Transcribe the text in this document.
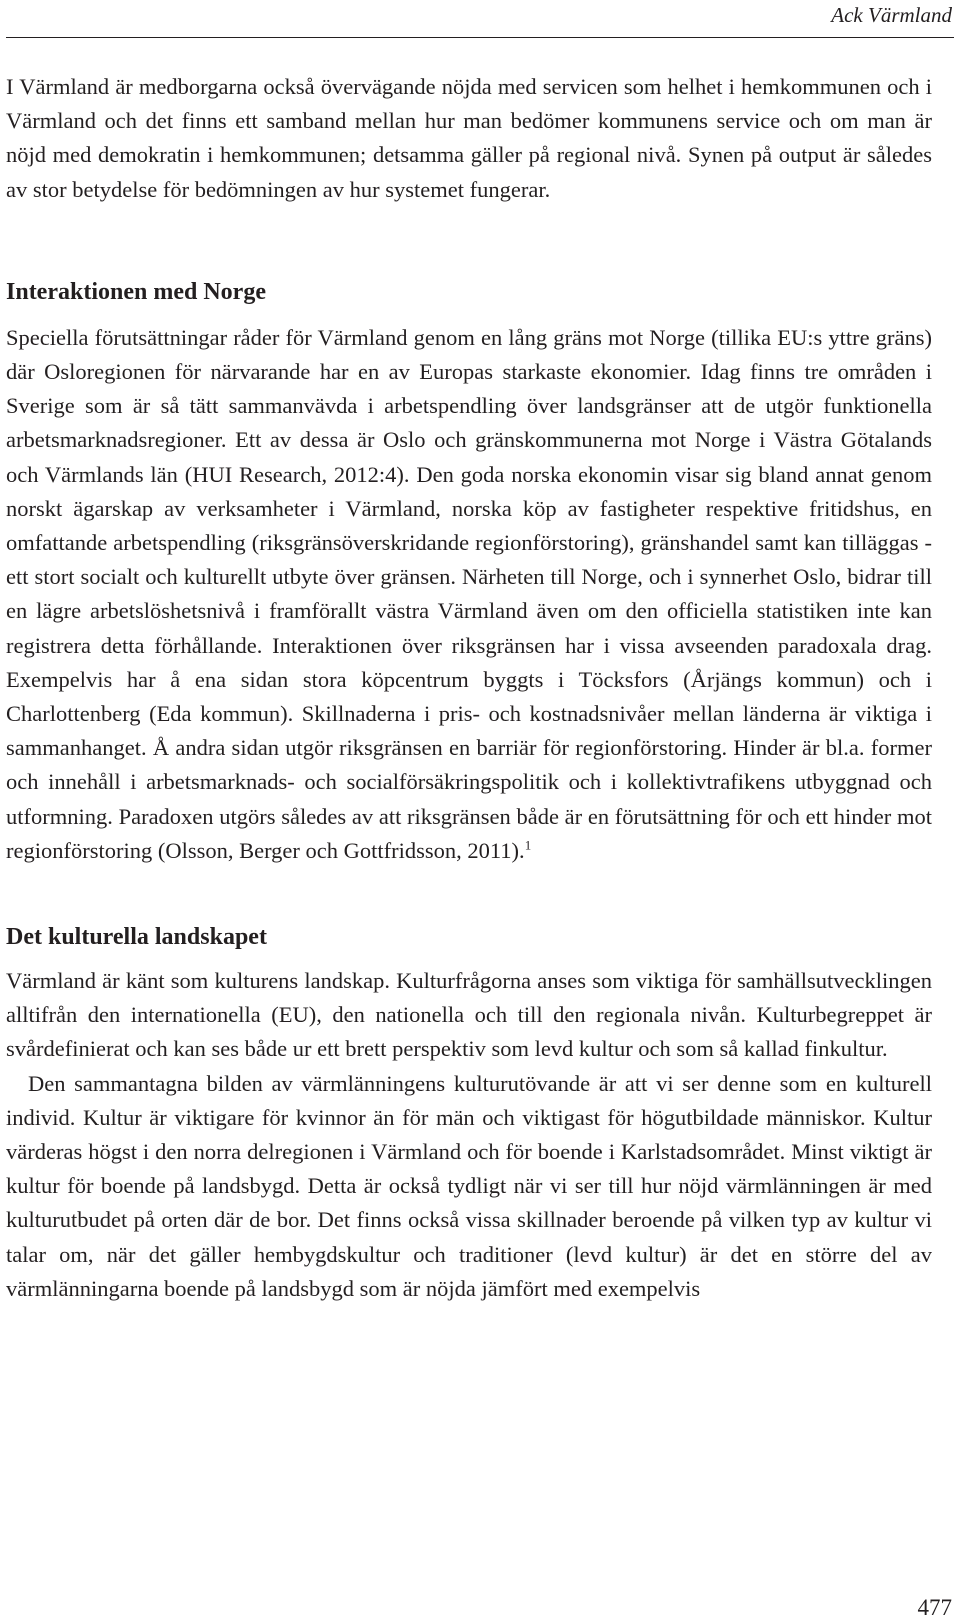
Ack Värmland

I Värmland är medborgarna också övervägande nöjda med servicen som helhet i hemkommunen och i Värmland och det finns ett samband mellan hur man bedömer kommunens service och om man är nöjd med demokratin i hemkommunen; detsamma gäller på regional nivå. Synen på output är således av stor betydelse för bedömningen av hur systemet fungerar.

Interaktionen med Norge

Speciella förutsättningar råder för Värmland genom en lång gräns mot Norge (tillika EU:s yttre gräns) där Osloregionen för närvarande har en av Europas starkaste ekonomier. Idag finns tre områden i Sverige som är så tätt sammanvävda i arbetspendling över landsgränser att de utgör funktionella arbetsmarknadsregioner. Ett av dessa är Oslo och gränskommunerna mot Norge i Västra Götalands och Värmlands län (HUI Research, 2012:4). Den goda norska ekonomin visar sig bland annat genom norskt ägarskap av verksamheter i Värmland, norska köp av fastigheter respektive fritidshus, en omfattande arbetspendling (riksgränsöverskridande regionförstoring), gränshandel samt kan tilläggas - ett stort socialt och kulturellt utbyte över gränsen. Närheten till Norge, och i synnerhet Oslo, bidrar till en lägre arbetslöshetsnivå i framförallt västra Värmland även om den officiella statistiken inte kan registrera detta förhållande. Interaktionen över riksgränsen har i vissa avseenden paradoxala drag. Exempelvis har å ena sidan stora köpcentrum byggts i Töcksfors (Årjängs kommun) och i Charlottenberg (Eda kommun). Skillnaderna i pris- och kostnadsnivåer mellan länderna är viktiga i sammanhanget. Å andra sidan utgör riksgränsen en barriär för regionförstoring. Hinder är bl.a. former och innehåll i arbetsmarknads- och socialförsäkringspolitik och i kollektivtrafikens utbyggnad och utformning. Paradoxen utgörs således av att riksgränsen både är en förutsättning för och ett hinder mot regionförstoring (Olsson, Berger och Gottfridsson, 2011).$^1$

Det kulturella landskapet

Värmland är känt som kulturens landskap. Kulturfrågorna anses som viktiga för samhällsutvecklingen alltifrån den internationella (EU), den nationella och till den regionala nivån. Kulturbegreppet är svårdefinierat och kan ses både ur ett brett perspektiv som levd kultur och som så kallad finkultur.

Den sammantagna bilden av värmlänningens kulturutövande är att vi ser denne som en kulturell individ. Kultur är viktigare för kvinnor än för män och viktigast för högutbildade människor. Kultur värderas högst i den norra delregionen i Värmland och för boende i Karlstadsområdet. Minst viktigt är kultur för boende på landsbygd. Detta är också tydligt när vi ser till hur nöjd värmlänningen är med kulturutbudet på orten där de bor. Det finns också vissa skillnader beroende på vilken typ av kultur vi talar om, när det gäller hembygdskultur och traditioner (levd kultur) är det en större del av värmlänningarna boende på landsbygd som är nöjda jämfört med exempelvis

477
